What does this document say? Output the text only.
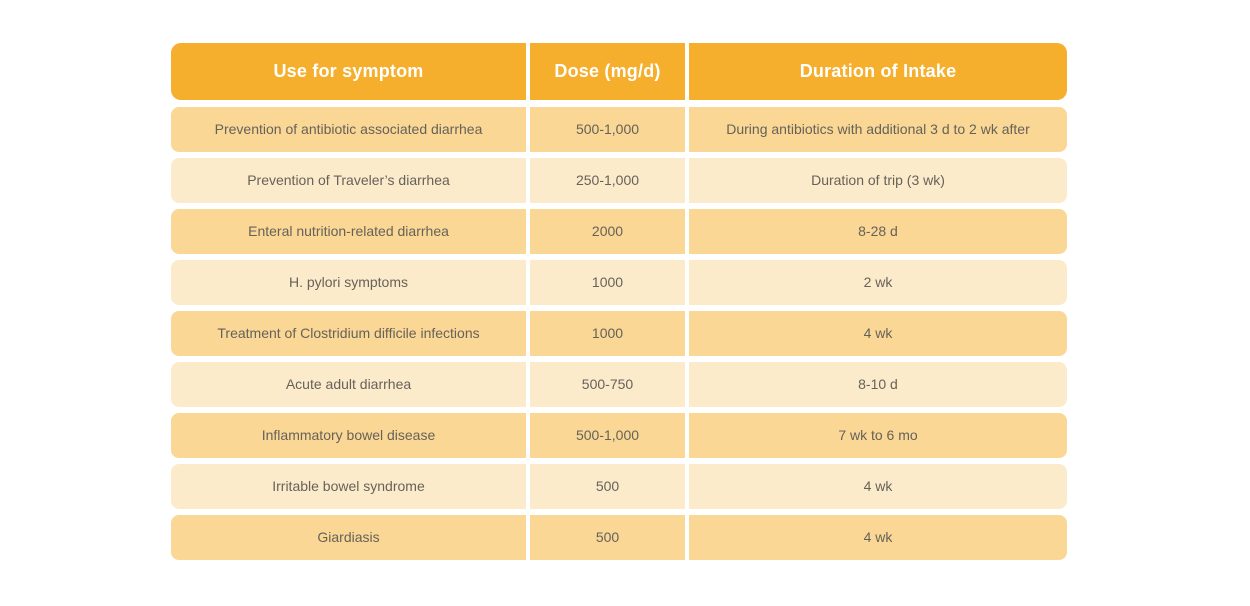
Use for symptom	Dose (mg/d)	Duration of Intake
Prevention of antibiotic associated diarrhea	500-1,000	During antibiotics with additional 3 d to 2 wk after
Prevention of Traveler’s diarrhea	250-1,000	Duration of trip (3 wk)
Enteral nutrition-related diarrhea	2000	8-28 d
H. pylori symptoms	1000	2 wk
Treatment of Clostridium difficile infections	1000	4 wk
Acute adult diarrhea	500-750	8-10 d
Inflammatory bowel disease	500-1,000	7 wk to 6 mo
Irritable bowel syndrome	500	4 wk
Giardiasis	500	4 wk
